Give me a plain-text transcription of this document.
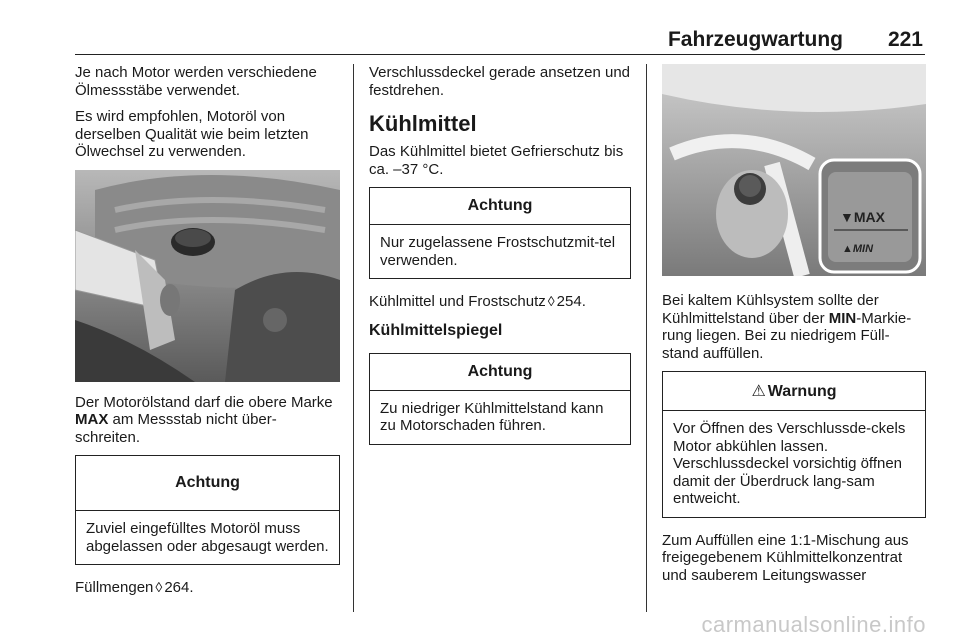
Fahrzeugwartung 221

Je nach Motor werden verschiedene Ölmessstäbe verwendet.

Es wird empfohlen, Motoröl von derselben Qualität wie beim letzten Ölwechsel zu verwenden.

Der Motorölstand darf die obere Marke MAX am Messstab nicht über-schreiten.

Achtung
Zuviel eingefülltes Motoröl muss abgelassen oder abgesaugt werden.

Füllmengen ◊ 264.

Verschlussdeckel gerade ansetzen und festdrehen.

Kühlmittel

Das Kühlmittel bietet Gefrierschutz bis ca. –37 °C.

Achtung
Nur zugelassene Frostschutzmit-tel verwenden.

Kühlmittel und Frostschutz ◊ 254.

Kühlmittelspiegel
Achtung
Zu niedriger Kühlmittelstand kann zu Motorschaden führen.
▼MAX
▲MIN

Bei kaltem Kühlsystem sollte der Kühlmittelstand über der MIN-Markie-rung liegen. Bei zu niedrigem Füll-stand auffüllen.

⚠ Warnung
Vor Öffnen des Verschlussde-ckels Motor abkühlen lassen. Verschlussdeckel vorsichtig öffnen damit der Überdruck lang-sam entweicht.

Zum Auffüllen eine 1:1-Mischung aus freigegebenem Kühlmittelkonzentrat und sauberem Leitungswasser

carmanualsonline.info
